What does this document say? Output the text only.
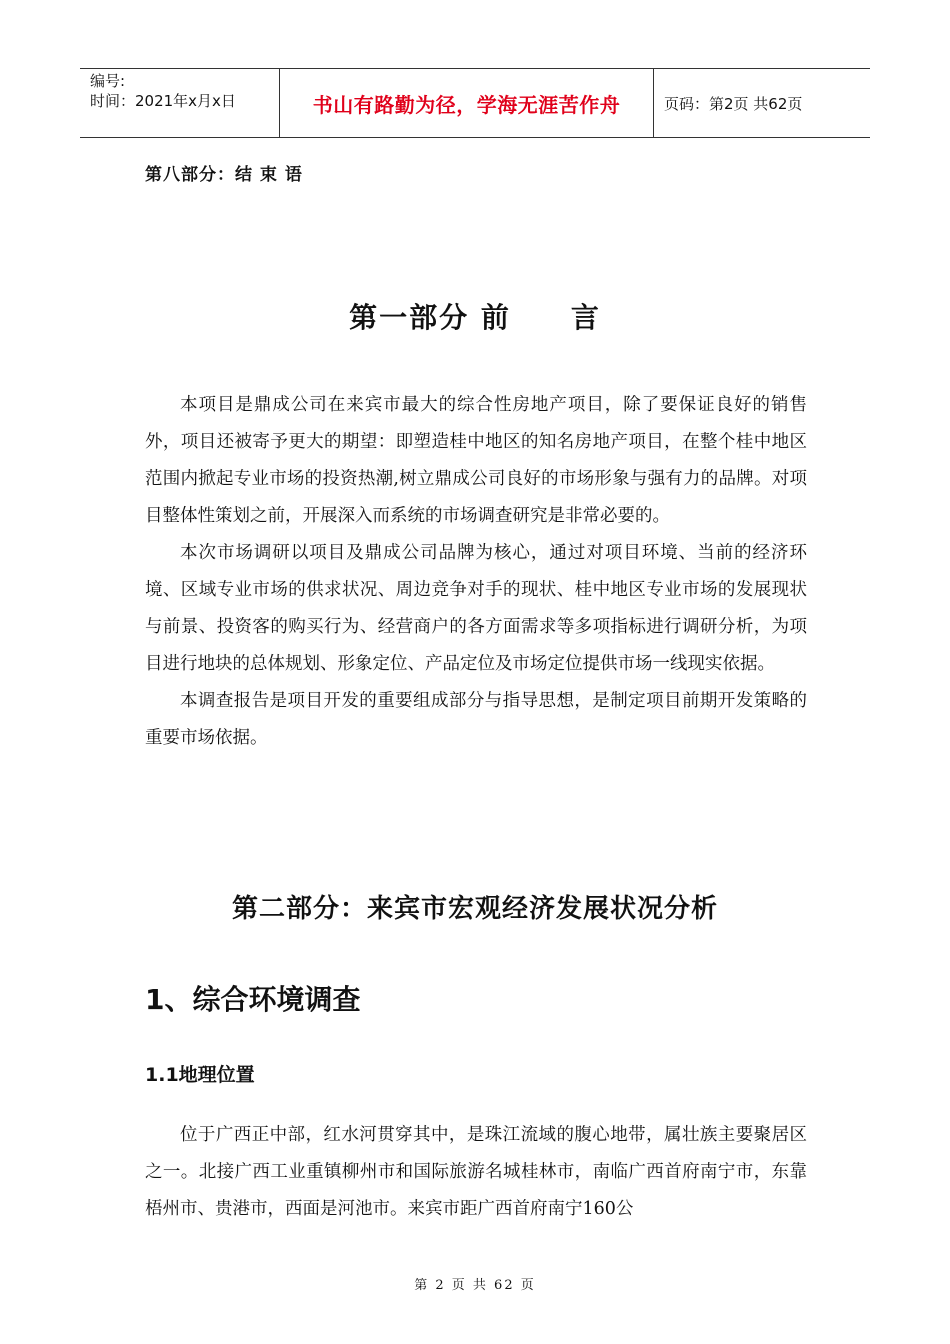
编号:
时间：2021年x月x日	书山有路勤为径，学海无涯苦作舟	页码：第2页 共62页
第八部分：结 束 语
第一部分 前　　言

本项目是鼎成公司在来宾市最大的综合性房地产项目，除了要保证良好的销售外，项目还被寄予更大的期望：即塑造桂中地区的知名房地产项目，在整个桂中地区范围内掀起专业市场的投资热潮,树立鼎成公司良好的市场形象与强有力的品牌。对项目整体性策划之前，开展深入而系统的市场调查研究是非常必要的。

本次市场调研以项目及鼎成公司品牌为核心，通过对项目环境、当前的经济环境、区域专业市场的供求状况、周边竞争对手的现状、桂中地区专业市场的发展现状与前景、投资客的购买行为、经营商户的各方面需求等多项指标进行调研分析，为项目进行地块的总体规划、形象定位、产品定位及市场定位提供市场一线现实依据。

本调查报告是项目开发的重要组成部分与指导思想，是制定项目前期开发策略的重要市场依据。

第二部分：来宾市宏观经济发展状况分析
1、综合环境调查
1.1地理位置

位于广西正中部，红水河贯穿其中，是珠江流域的腹心地带，属壮族主要聚居区之一。北接广西工业重镇柳州市和国际旅游名城桂林市，南临广西首府南宁市，东靠梧州市、贵港市，西面是河池市。来宾市距广西首府南宁160公

第 2 页 共 62 页
